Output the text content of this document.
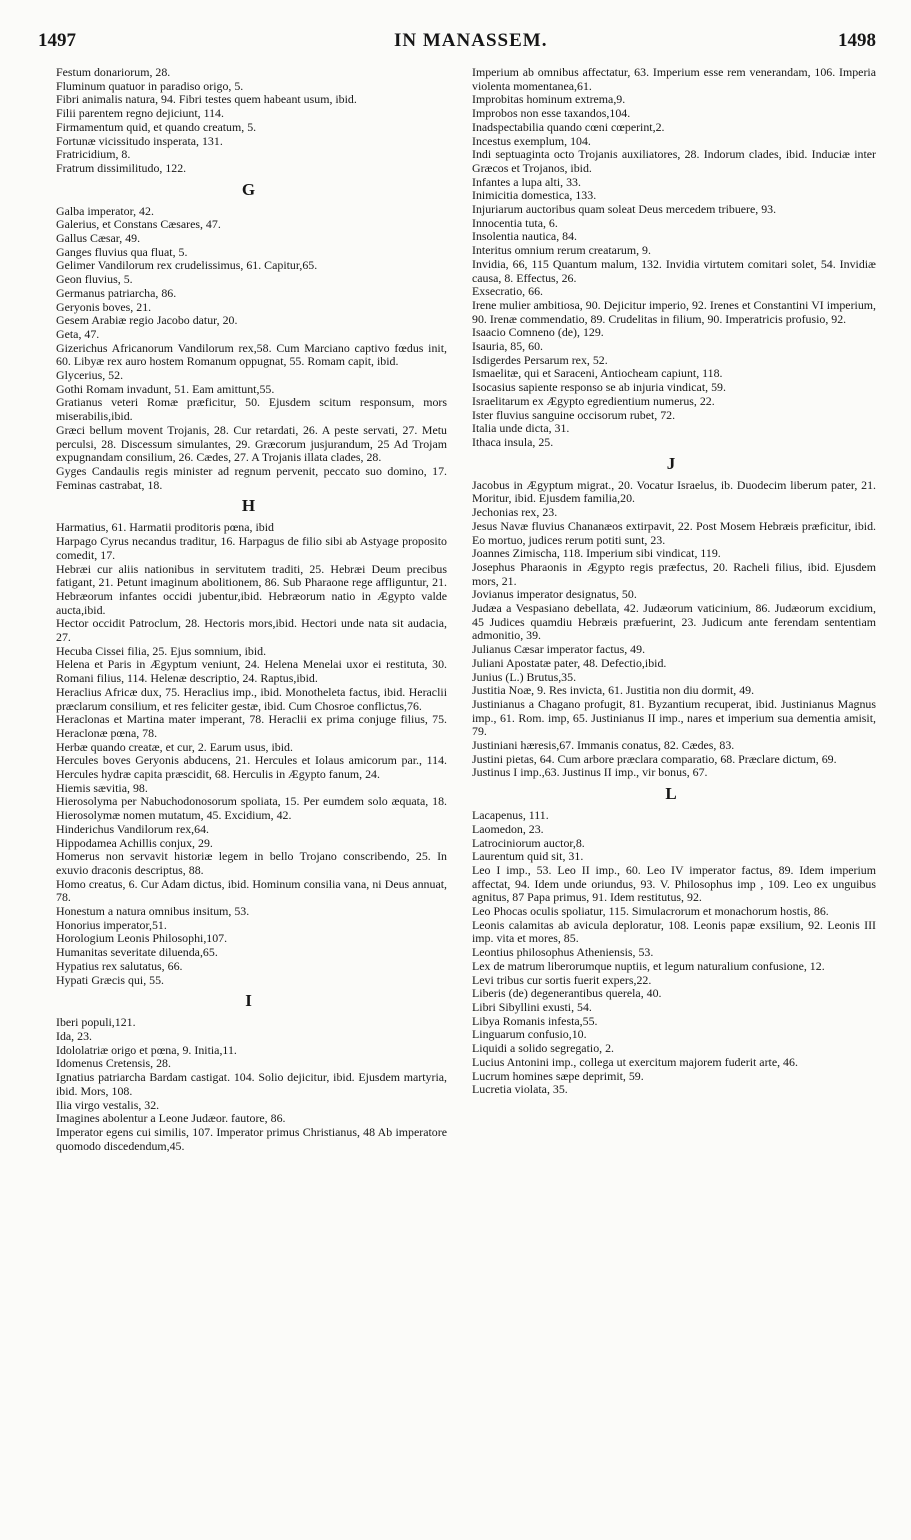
1497	IN MANASSEM.	1498

Festum donariorum, 28.

Fluminum quatuor in paradiso origo, 5.

Fibri animalis natura, 94. Fibri testes quem habeant usum, ibid.

Filii parentem regno dejiciunt, 114.

Firmamentum quid, et quando creatum, 5.

Fortunæ vicissitudo insperata, 131.

Fratricidium, 8.

Fratrum dissimilitudo, 122.

G

Galba imperator, 42.

Galerius, et Constans Cæsares, 47.

Gallus Cæsar, 49.

Ganges fluvius qua fluat, 5.

Gelimer Vandilorum rex crudelissimus, 61. Capitur,65.

Geon fluvius, 5.

Germanus patriarcha, 86.

Geryonis boves, 21.

Gesem Arabiæ regio Jacobo datur, 20.

Geta, 47.

Gizerichus Africanorum Vandilorum rex,58. Cum Marciano captivo fœdus init, 60. Libyæ rex auro hostem Romanum oppugnat, 55. Romam capit, ibid.

Glycerius, 52.

Gothi Romam invadunt, 51. Eam amittunt,55.

Gratianus veteri Romæ præficitur, 50. Ejusdem scitum responsum, mors miserabilis,ibid.

Græci bellum movent Trojanis, 28. Cur retardati, 26. A peste servati, 27. Metu perculsi, 28. Discessum simulantes, 29. Græcorum jusjurandum, 25 Ad Trojam expugnandam consilium, 26. Cædes, 27. A Trojanis illata clades, 28.

Gyges Candaulis regis minister ad regnum pervenit, peccato suo domino, 17. Feminas castrabat, 18.

H

Harmatius, 61. Harmatii proditoris pœna, ibid

Harpago Cyrus necandus traditur, 16. Harpagus de filio sibi ab Astyage proposito comedit, 17.

Hebræi cur aliis nationibus in servitutem traditi, 25. Hebræi Deum precibus fatigant, 21. Petunt imaginum abolitionem, 86. Sub Pharaone rege affliguntur, 21. Hebræorum infantes occidi jubentur,ibid. Hebræorum natio in Ægypto valde aucta,ibid.

Hector occidit Patroclum, 28. Hectoris mors,ibid. Hectori unde nata sit audacia, 27.

Hecuba Cissei filia, 25. Ejus somnium, ibid.

Helena et Paris in Ægyptum veniunt, 24. Helena Menelai uxor ei restituta, 30. Romani filius, 114. Helenæ descriptio, 24. Raptus,ibid.

Heraclius Africæ dux, 75. Heraclius imp., ibid. Monotheleta factus, ibid. Heraclii præclarum consilium, et res feliciter gestæ, ibid. Cum Chosroe conflictus,76.

Heraclonas et Martina mater imperant, 78. Heraclii ex prima conjuge filius, 75. Heraclonæ pœna, 78.

Herbæ quando creatæ, et cur, 2. Earum usus, ibid.

Hercules boves Geryonis abducens, 21. Hercules et Iolaus amicorum par., 114. Hercules hydræ capita præscidit, 68. Herculis in Ægypto fanum, 24.

Hiemis sævitia, 98.

Hierosolyma per Nabuchodonosorum spoliata, 15. Per eumdem solo æquata, 18. Hierosolymæ nomen mutatum, 45. Excidium, 42.

Hinderichus Vandilorum rex,64.

Hippodamea Achillis conjux, 29.

Homerus non servavit historiæ legem in bello Trojano conscribendo, 25. In exuvio draconis descriptus, 88.

Homo creatus, 6. Cur Adam dictus, ibid. Hominum consilia vana, ni Deus annuat, 78.

Honestum a natura omnibus insitum, 53.

Honorius imperator,51.

Horologium Leonis Philosophi,107.

Humanitas severitate diluenda,65.

Hypatius rex salutatus, 66.

Hypati Græcis qui, 55.

I

Iberi populi,121.

Ida, 23.

Idololatriæ origo et pœna, 9. Initia,11.

Idomenus Cretensis, 28.

Ignatius patriarcha Bardam castigat. 104. Solio dejicitur, ibid. Ejusdem martyria, ibid. Mors, 108.

Ilia virgo vestalis, 32.

Imagines abolentur a Leone Judæor. fautore, 86.

Imperator egens cui similis, 107. Imperator primus Christianus, 48 Ab imperatore quomodo discedendum,45.

Imperium ab omnibus affectatur, 63. Imperium esse rem venerandam, 106. Imperia violenta momentanea,61.

Improbitas hominum extrema,9.

Improbos non esse taxandos,104.

Inadspectabilia quando cœni cœperint,2.

Incestus exemplum, 104.

Indi septuaginta octo Trojanis auxiliatores, 28. Indorum clades, ibid. Induciæ inter Græcos et Trojanos, ibid.

Infantes a lupa alti, 33.

Inimicitia domestica, 133.

Injuriarum auctoribus quam soleat Deus mercedem tribuere, 93.

Innocentia tuta, 6.

Insolentia nautica, 84.

Interitus omnium rerum creatarum, 9.

Invidia, 66, 115 Quantum malum, 132. Invidia virtutem comitari solet, 54. Invidiæ causa, 8. Effectus, 26.

Exsecratio, 66.

Irene mulier ambitiosa, 90. Dejicitur imperio, 92. Irenes et Constantini VI imperium, 90. Irenæ commendatio, 89. Crudelitas in filium, 90. Imperatricis profusio, 92.

Isaacio Comneno (de), 129.

Isauria, 85, 60.

Isdigerdes Persarum rex, 52.

Ismaelitæ, qui et Saraceni, Antiocheam capiunt, 118.

Isocasius sapiente responso se ab injuria vindicat, 59.

Israelitarum ex Ægypto egredientium numerus, 22.

Ister fluvius sanguine occisorum rubet, 72.

Italia unde dicta, 31.

Ithaca insula, 25.

J

Jacobus in Ægyptum migrat., 20. Vocatur Israelus, ib. Duodecim liberum pater, 21. Moritur, ibid. Ejusdem familia,20.

Jechonias rex, 23.

Jesus Navæ fluvius Chananæos extirpavit, 22. Post Mosem Hebræis præficitur, ibid. Eo mortuo, judices rerum potiti sunt, 23.

Joannes Zimischa, 118. Imperium sibi vindicat, 119.

Josephus Pharaonis in Ægypto regis præfectus, 20. Racheli filius, ibid. Ejusdem mors, 21.

Jovianus imperator designatus, 50.

Judæa a Vespasiano debellata, 42. Judæorum vaticinium, 86. Judæorum excidium, 45 Judices quamdiu Hebræis præfuerint, 23. Judicum ante ferendam sententiam admonitio, 39.

Julianus Cæsar imperator factus, 49.

Juliani Apostatæ pater, 48. Defectio,ibid.

Junius (L.) Brutus,35.

Justitia Noæ, 9. Res invicta, 61. Justitia non diu dormit, 49.

Justinianus a Chagano profugit, 81. Byzantium recuperat, ibid. Justinianus Magnus imp., 61. Rom. imp, 65. Justinianus II imp., nares et imperium sua dementia amisit, 79.

Justiniani hæresis,67. Immanis conatus, 82. Cædes, 83.

Justini pietas, 64. Cum arbore præclara comparatio, 68. Præclare dictum, 69.

Justinus I imp.,63. Justinus II imp., vir bonus, 67.

L

Lacapenus, 111.

Laomedon, 23.

Latrociniorum auctor,8.

Laurentum quid sit, 31.

Leo I imp., 53. Leo II imp., 60. Leo IV imperator factus, 89. Idem imperium affectat, 94. Idem unde oriundus, 93. V. Philosophus imp , 109. Leo ex unguibus agnitus, 87 Papa primus, 91. Idem restitutus, 92.

Leo Phocas oculis spoliatur, 115. Simulacrorum et monachorum hostis, 86.

Leonis calamitas ab avicula deploratur, 108. Leonis papæ exsilium, 92. Leonis III imp. vita et mores, 85.

Leontius philosophus Atheniensis, 53.

Lex de matrum liberorumque nuptiis, et legum naturalium confusione, 12.

Levi tribus cur sortis fuerit expers,22.

Liberis (de) degenerantibus querela, 40.

Libri Sibyllini exusti, 54.

Libya Romanis infesta,55.

Linguarum confusio,10.

Liquidi a solido segregatio, 2.

Lucius Antonini imp., collega ut exercitum majorem fuderit arte, 46.

Lucrum homines sæpe deprimit, 59.

Lucretia violata, 35.
